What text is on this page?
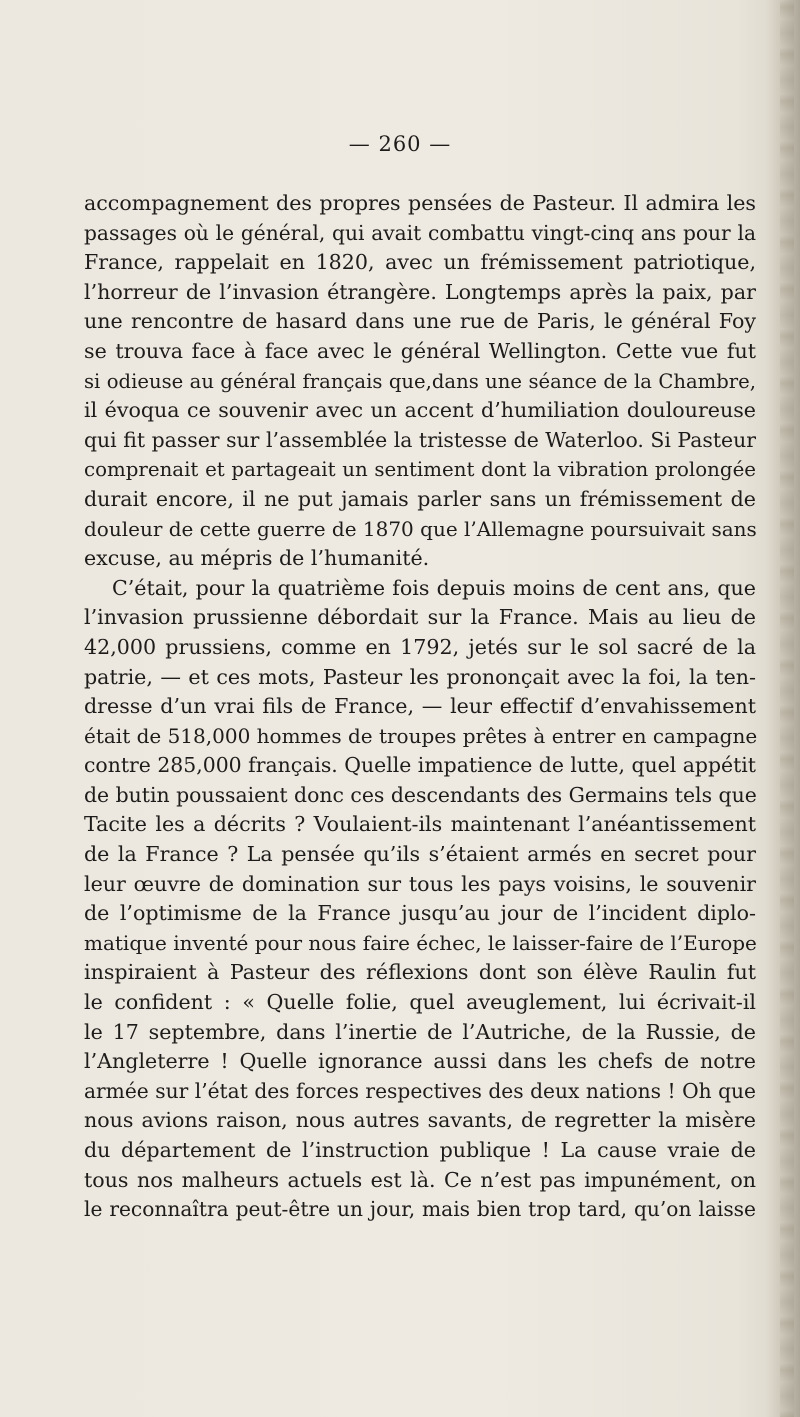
— 260 —
accompagnement des propres pensées de Pasteur. Il admira les
passages où le général, qui avait combattu vingt-cinq ans pour la
France, rappelait en 1820, avec un frémissement patriotique,
l’horreur de l’invasion étrangère. Longtemps après la paix, par
une rencontre de hasard dans une rue de Paris, le général Foy
se trouva face à face avec le général Wellington. Cette vue fut
si odieuse au général français que,dans une séance de la Chambre,
il évoqua ce souvenir avec un accent d’humiliation douloureuse
qui fit passer sur l’assemblée la tristesse de Waterloo. Si Pasteur
comprenait et partageait un sentiment dont la vibration prolongée
durait encore, il ne put jamais parler sans un frémissement de
douleur de cette guerre de 1870 que l’Allemagne poursuivait sans
excuse, au mépris de l’humanité.
C’était, pour la quatrième fois depuis moins de cent ans, que
l’invasion prussienne débordait sur la France. Mais au lieu de
42,000 prussiens, comme en 1792, jetés sur le sol sacré de la
patrie, — et ces mots, Pasteur les prononçait avec la foi, la ten-
dresse d’un vrai fils de France, — leur effectif d’envahissement
était de 518,000 hommes de troupes prêtes à entrer en campagne
contre 285,000 français. Quelle impatience de lutte, quel appétit
de butin poussaient donc ces descendants des Germains tels que
Tacite les a décrits ? Voulaient-ils maintenant l’anéantissement
de la France ? La pensée qu’ils s’étaient armés en secret pour
leur œuvre de domination sur tous les pays voisins, le souvenir
de l’optimisme de la France jusqu’au jour de l’incident diplo-
matique inventé pour nous faire échec, le laisser-faire de l’Europe
inspiraient à Pasteur des réflexions dont son élève Raulin fut
le confident : « Quelle folie, quel aveuglement, lui écrivait-il
le 17 septembre, dans l’inertie de l’Autriche, de la Russie, de
l’Angleterre ! Quelle ignorance aussi dans les chefs de notre
armée sur l’état des forces respectives des deux nations ! Oh que
nous avions raison, nous autres savants, de regretter la misère
du département de l’instruction publique ! La cause vraie de
tous nos malheurs actuels est là. Ce n’est pas impunément, on
le reconnaîtra peut-être un jour, mais bien trop tard, qu’on laisse
